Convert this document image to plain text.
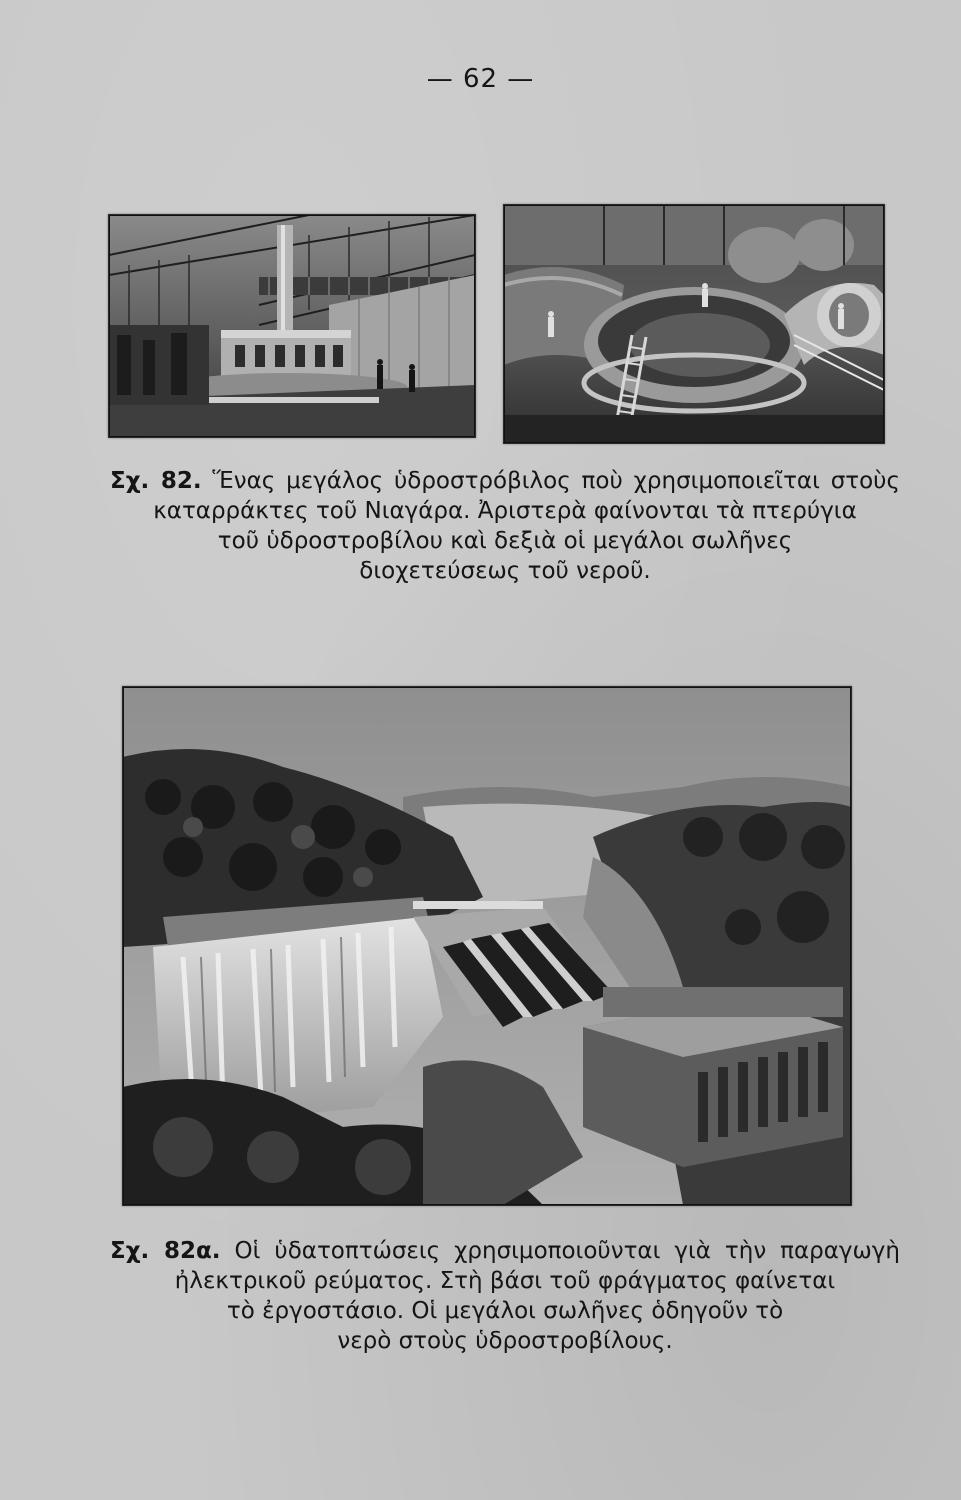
— 62 —
Σχ. 82. Ἕνας μεγάλος ὑδροστρόβιλος ποὺ χρησιμοποιεῖται στοὺς
καταρράκτες τοῦ Νιαγάρα. Ἀριστερὰ φαίνονται τὰ πτερύγια
τοῦ ὑδροστροβίλου καὶ δεξιὰ οἱ μεγάλοι σωλῆνες
διοχετεύσεως τοῦ νεροῦ.
Σχ. 82α. Οἱ ὑδατοπτώσεις χρησιμοποιοῦνται γιὰ τὴν παραγωγὴ
ἠλεκτρικοῦ ρεύματος. Στὴ βάσι τοῦ φράγματος φαίνεται
τὸ ἐργοστάσιο. Οἱ μεγάλοι σωλῆνες ὁδηγοῦν τὸ
νερὸ στοὺς ὑδροστροβίλους.
